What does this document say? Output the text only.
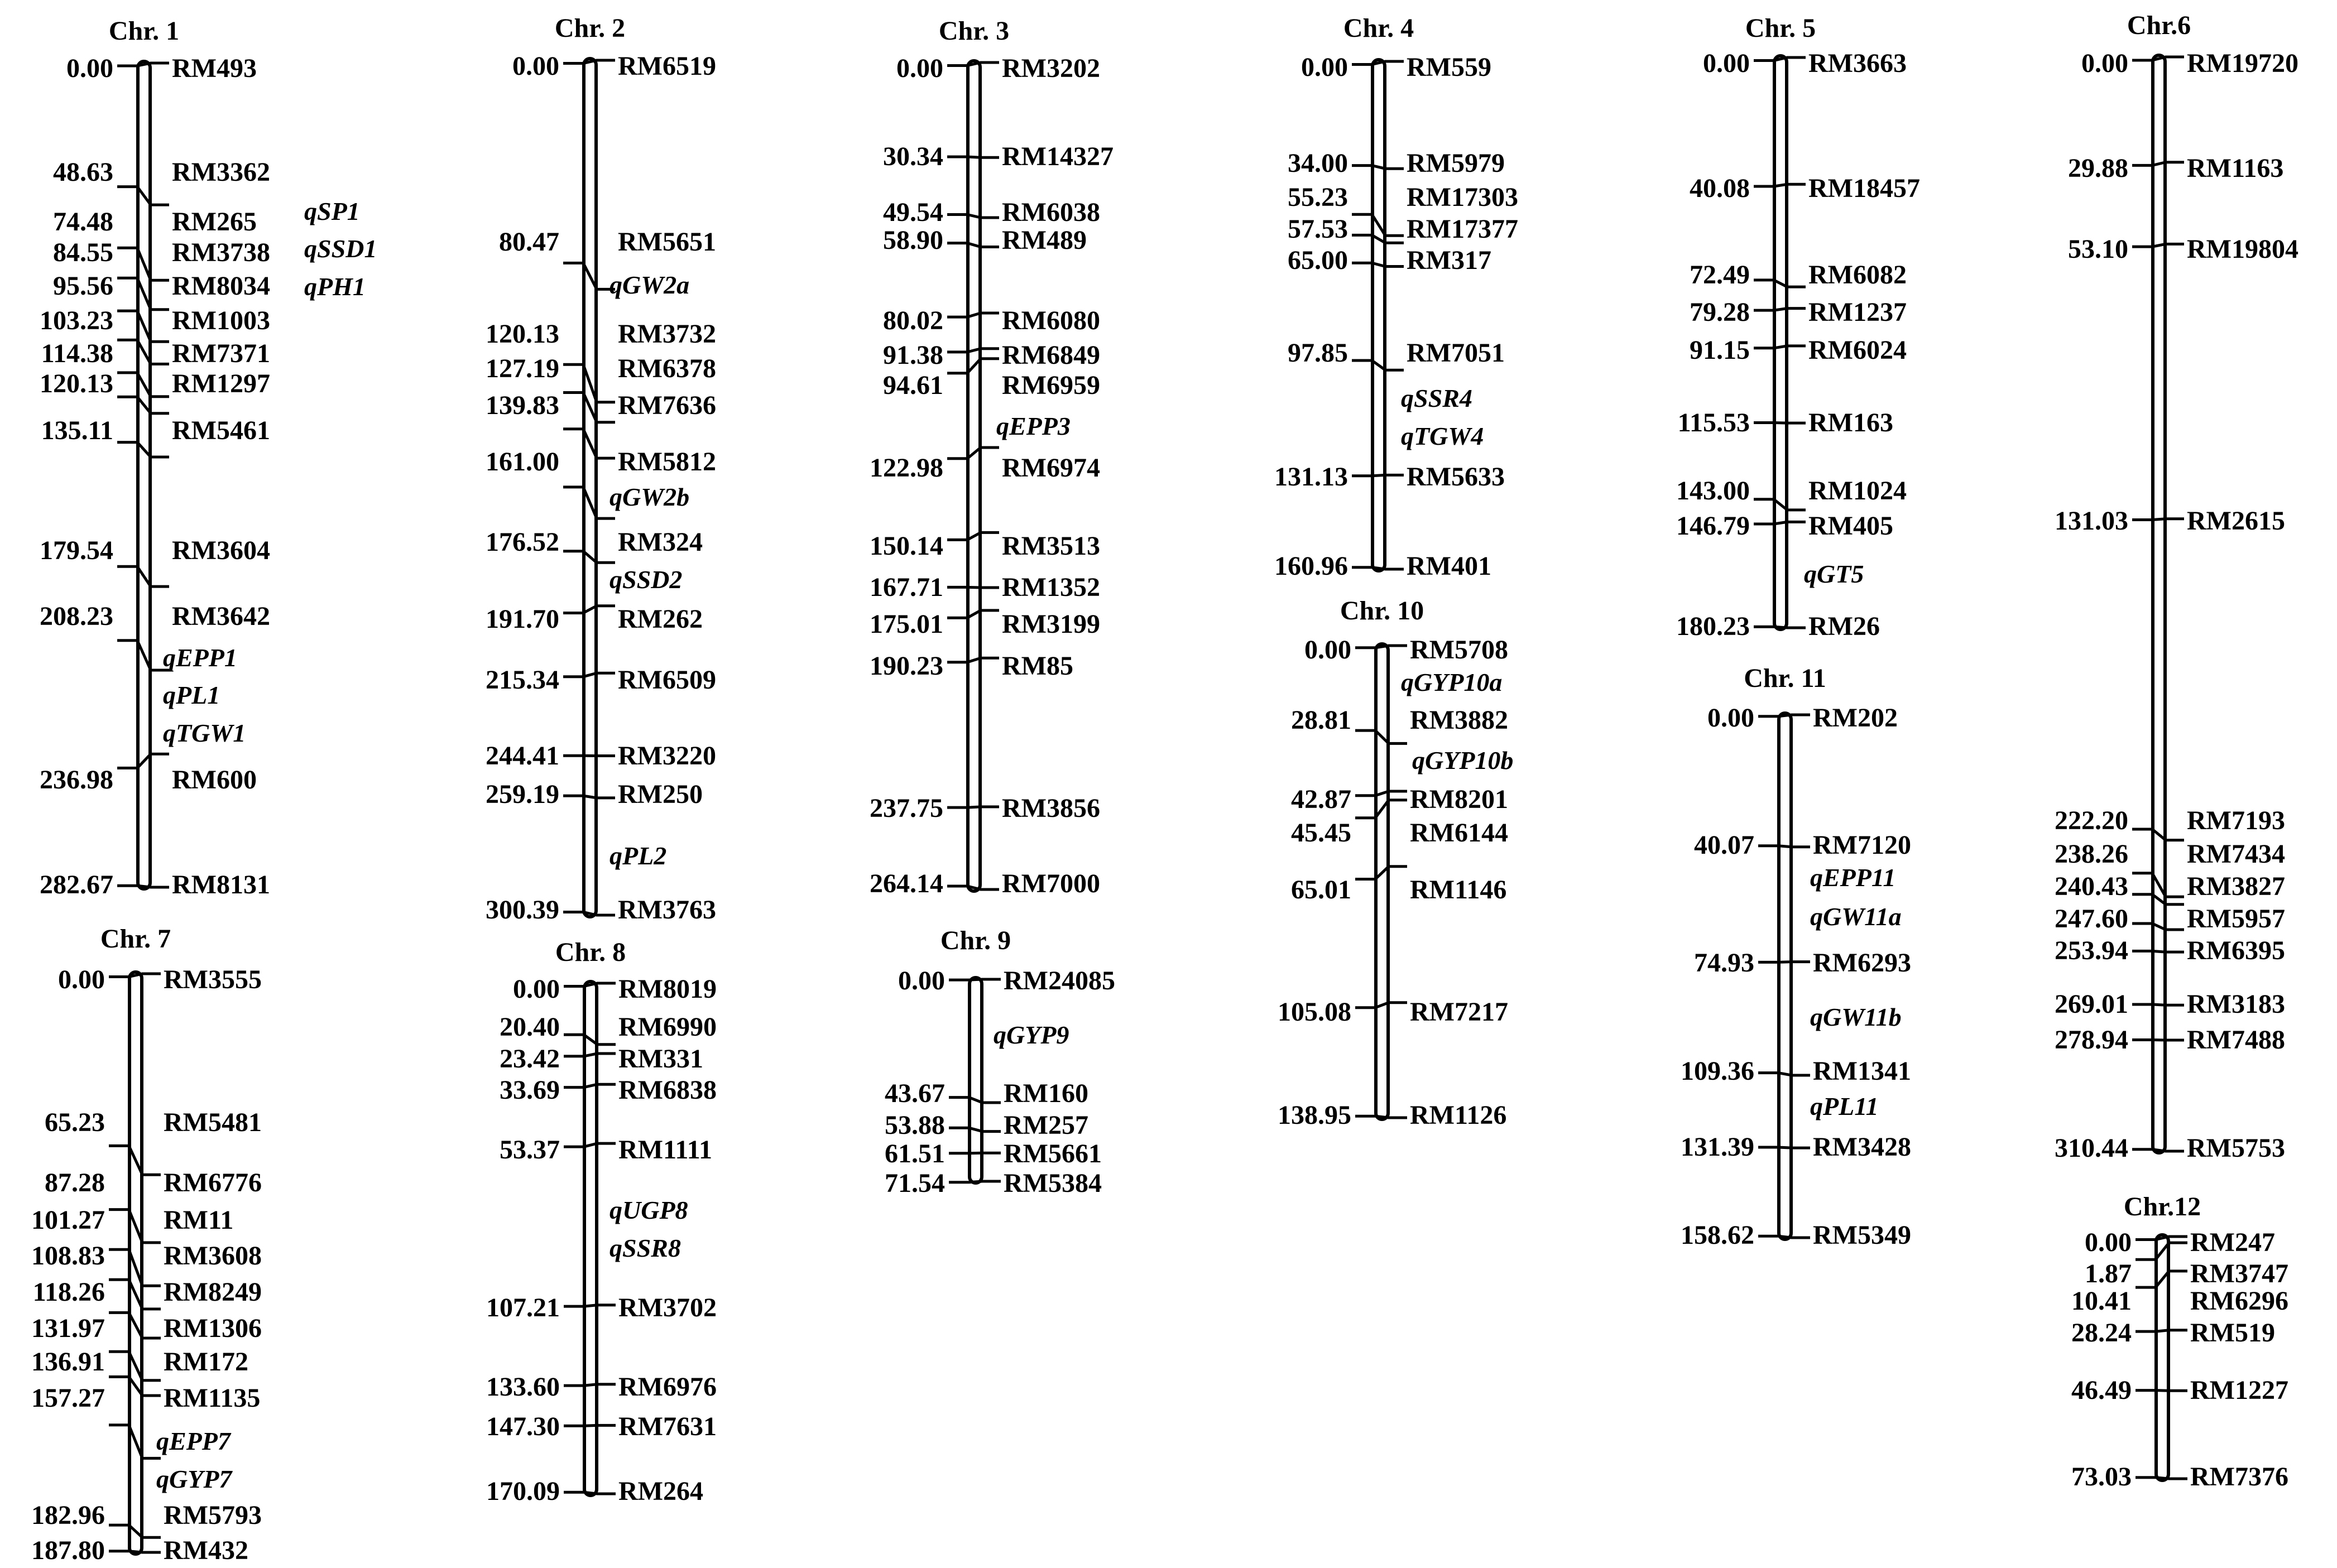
Chr. 1
0.00 RM493
48.63 RM3362
74.48 RM265
84.55 RM3738
95.56 RM8034
103.23 RM1003
114.38 RM7371
120.13 RM1297
135.11 RM5461
179.54 RM3604
208.23 RM3642
236.98 RM600
282.67 RM8131
qSP1
qSSD1
qPH1
qEPP1
qPL1
qTGW1
Chr. 2
0.00 RM6519
80.47 RM5651
120.13 RM3732
127.19 RM6378
139.83 RM7636
161.00 RM5812
176.52 RM324
191.70 RM262
215.34 RM6509
244.41 RM3220
259.19 RM250
300.39 RM3763
qGW2a
qGW2b
qSSD2
qPL2
Chr. 3
0.00 RM3202
30.34 RM14327
49.54 RM6038
58.90 RM489
80.02 RM6080
91.38 RM6849
94.61 RM6959
122.98 RM6974
150.14 RM3513
167.71 RM1352
175.01 RM3199
190.23 RM85
237.75 RM3856
264.14 RM7000
qEPP3
Chr. 4
0.00 RM559
34.00 RM5979
55.23 RM17303
57.53 RM17377
65.00 RM317
97.85 RM7051
131.13 RM5633
160.96 RM401
qSSR4
qTGW4
Chr. 5
0.00 RM3663
40.08 RM18457
72.49 RM6082
79.28 RM1237
91.15 RM6024
115.53 RM163
143.00 RM1024
146.79 RM405
180.23 RM26
qGT5
Chr.6
0.00 RM19720
29.88 RM1163
53.10 RM19804
131.03 RM2615
222.20 RM7193
238.26 RM7434
240.43 RM3827
247.60 RM5957
253.94 RM6395
269.01 RM3183
278.94 RM7488
310.44 RM5753
Chr. 7
0.00 RM3555
65.23 RM5481
87.28 RM6776
101.27 RM11
108.83 RM3608
118.26 RM8249
131.97 RM1306
136.91 RM172
157.27 RM1135
182.96 RM5793
187.80 RM432
qEPP7
qGYP7
Chr. 8
0.00 RM8019
20.40 RM6990
23.42 RM331
33.69 RM6838
53.37 RM1111
107.21 RM3702
133.60 RM6976
147.30 RM7631
170.09 RM264
qUGP8
qSSR8
Chr. 9
0.00 RM24085
43.67 RM160
53.88 RM257
61.51 RM5661
71.54 RM5384
qGYP9
Chr. 10
0.00 RM5708
28.81 RM3882
42.87 RM8201
45.45 RM6144
65.01 RM1146
105.08 RM7217
138.95 RM1126
qGYP10a
qGYP10b
Chr. 11
0.00 RM202
40.07 RM7120
74.93 RM6293
109.36 RM1341
131.39 RM3428
158.62 RM5349
qEPP11
qGW11a
qGW11b
qPL11
Chr.12
0.00 RM247
1.87 RM3747
10.41 RM6296
28.24 RM519
46.49 RM1227
73.03 RM7376
